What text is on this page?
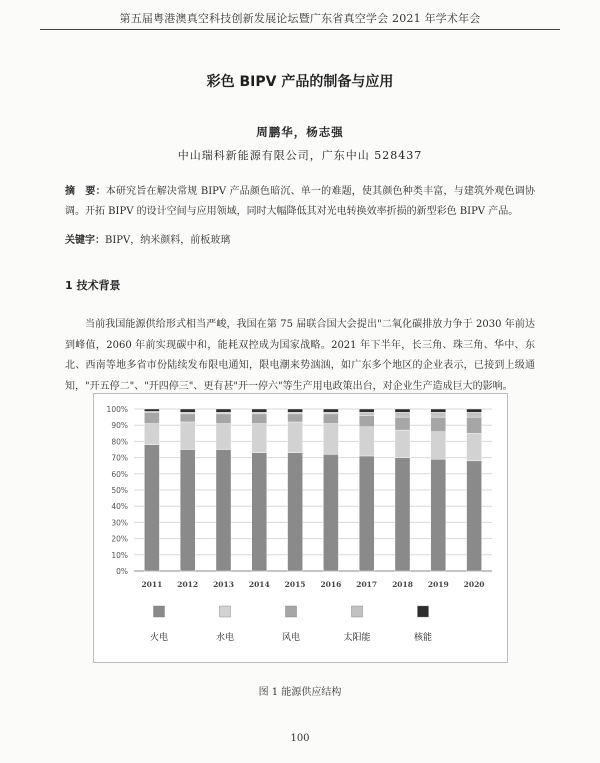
第五届粤港澳真空科技创新发展论坛暨广东省真空学会 2021 年学术年会
彩色 BIPV 产品的制备与应用
周鹏华，杨志强
中山瑞科新能源有限公司，广东中山 528437
摘　要：本研究旨在解决常规 BIPV 产品颜色暗沉、单一的难题，使其颜色种类丰富，与建筑外观色调协调。开拓 BIPV 的设计空间与应用领域，同时大幅降低其对光电转换效率折损的新型彩色 BIPV 产品。
关键字：BIPV，纳米颜料，前板玻璃
1 技术背景
当前我国能源供给形式相当严峻，我国在第 75 届联合国大会提出"二氧化碳排放力争于 2030 年前达到峰值，2060 年前实现碳中和，能耗双控成为国家战略。2021 年下半年，长三角、珠三角、华中、东北、西南等地多省市份陆续发布限电通知，限电潮来势汹汹，如广东多个地区的企业表示，已接到上级通知，"开五停二"、"开四停三"、更有甚"开一停六"等生产用电政策出台，对企业生产造成巨大的影响。
0%
10%
20%
30%
40%
50%
60%
70%
80%
90%
100%
2011 2012 2013 2014 2015 2016 2017 2018 2019 2020
火电	水电	风电	太阳能	核能
图 1 能源供应结构
100
